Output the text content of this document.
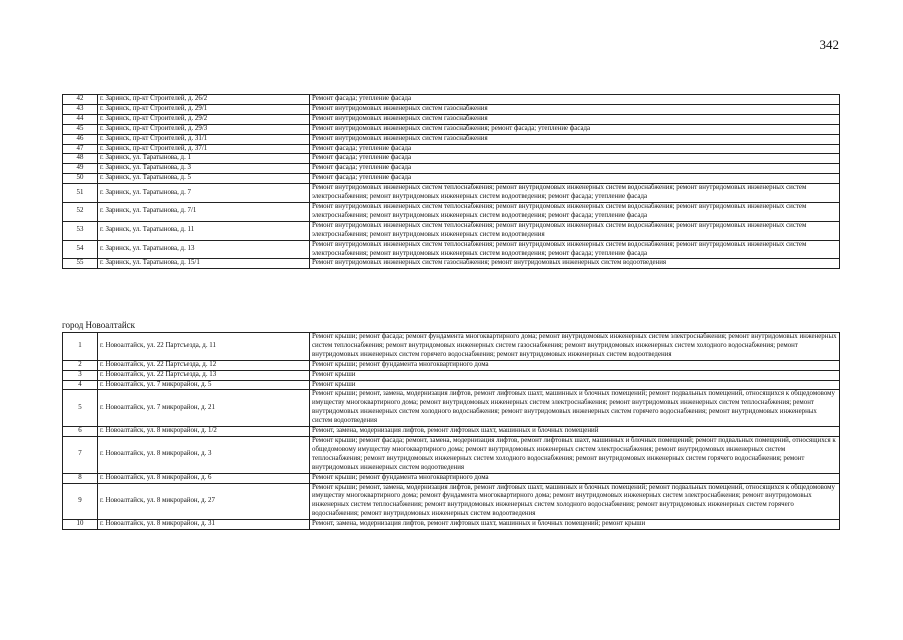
342
42	г. Заринск, пр-кт Строителей, д. 26/2	Ремонт фасада; утепление фасада
43	г. Заринск, пр-кт Строителей, д. 29/1	Ремонт внутридомовых инженерных систем газоснабжения
44	г. Заринск, пр-кт Строителей, д. 29/2	Ремонт внутридомовых инженерных систем газоснабжения
45	г. Заринск, пр-кт Строителей, д. 29/3	Ремонт внутридомовых инженерных систем газоснабжения; ремонт фасада; утепление фасада
46	г. Заринск, пр-кт Строителей, д. 31/1	Ремонт внутридомовых инженерных систем газоснабжения
47	г. Заринск, пр-кт Строителей, д. 37/1	Ремонт фасада; утепление фасада
48	г. Заринск, ул. Таратынова, д. 1	Ремонт фасада; утепление фасада
49	г. Заринск, ул. Таратынова, д. 3	Ремонт фасада; утепление фасада
50	г. Заринск, ул. Таратынова, д. 5	Ремонт фасада; утепление фасада
51	г. Заринск, ул. Таратынова, д. 7	Ремонт внутридомовых инженерных систем теплоснабжения; ремонт внутридомовых инженерных систем водоснабжения; ремонт внутридомовых инженерных систем электроснабжения; ремонт внутридомовых инженерных систем водоотведения; ремонт фасада; утепление фасада
52	г. Заринск, ул. Таратынова, д. 7/1	Ремонт внутридомовых инженерных систем теплоснабжения; ремонт внутридомовых инженерных систем водоснабжения; ремонт внутридомовых инженерных систем электроснабжения; ремонт внутридомовых инженерных систем водоотведения; ремонт фасада; утепление фасада
53	г. Заринск, ул. Таратынова, д. 11	Ремонт внутридомовых инженерных систем теплоснабжения; ремонт внутридомовых инженерных систем водоснабжения; ремонт внутридомовых инженерных систем электроснабжения; ремонт внутридомовых инженерных систем водоотведения
54	г. Заринск, ул. Таратынова, д. 13	Ремонт внутридомовых инженерных систем теплоснабжения; ремонт внутридомовых инженерных систем водоснабжения; ремонт внутридомовых инженерных систем электроснабжения; ремонт внутридомовых инженерных систем водоотведения; ремонт фасада; утепление фасада
55	г. Заринск, ул. Таратынова, д. 15/1	Ремонт внутридомовых инженерных систем газоснабжения; ремонт внутридомовых инженерных систем водоотведения
город Новоалтайск
1	г. Новоалтайск, ул. 22 Партсъезда, д. 11	Ремонт крыши; ремонт фасада; ремонт фундамента многоквартирного дома; ремонт внутридомовых инженерных систем электроснабжения; ремонт внутридомовых инженерных систем теплоснабжения; ремонт внутридомовых инженерных систем газоснабжения; ремонт внутридомовых инженерных систем холодного водоснабжения; ремонт внутридомовых инженерных систем горячего водоснабжения; ремонт внутридомовых инженерных систем водоотведения
2	г. Новоалтайск, ул. 22 Партсъезда, д. 12	Ремонт крыши; ремонт фундамента многоквартирного дома
3	г. Новоалтайск, ул. 22 Партсъезда, д. 13	Ремонт крыши
4	г. Новоалтайск, ул. 7 микрорайон, д. 5	Ремонт крыши
5	г. Новоалтайск, ул. 7 микрорайон, д. 21	Ремонт крыши; ремонт, замена, модернизация лифтов, ремонт лифтовых шахт, машинных и блочных помещений; ремонт подвальных помещений, относящихся к общедомовому имуществу многоквартирного дома; ремонт внутридомовых инженерных систем электроснабжения; ремонт внутридомовых инженерных систем теплоснабжения; ремонт внутридомовых инженерных систем холодного водоснабжения; ремонт внутридомовых инженерных систем горячего водоснабжения; ремонт внутридомовых инженерных систем водоотведения
6	г. Новоалтайск, ул. 8 микрорайон, д. 1/2	Ремонт, замена, модернизация лифтов, ремонт лифтовых шахт, машинных и блочных помещений
7	г. Новоалтайск, ул. 8 микрорайон, д. 3	Ремонт крыши; ремонт фасада; ремонт, замена, модернизация лифтов, ремонт лифтовых шахт, машинных и блочных помещений; ремонт подвальных помещений, относящихся к общедомовому имуществу многоквартирного дома; ремонт внутридомовых инженерных систем электроснабжения; ремонт внутридомовых инженерных систем теплоснабжения; ремонт внутридомовых инженерных систем холодного водоснабжения; ремонт внутридомовых инженерных систем горячего водоснабжения; ремонт внутридомовых инженерных систем водоотведения
8	г. Новоалтайск, ул. 8 микрорайон, д. 6	Ремонт крыши; ремонт фундамента многоквартирного дома
9	г. Новоалтайск, ул. 8 микрорайон, д. 27	Ремонт крыши; ремонт, замена, модернизация лифтов, ремонт лифтовых шахт, машинных и блочных помещений; ремонт подвальных помещений, относящихся к общедомовому имуществу многоквартирного дома; ремонт фундамента многоквартирного дома; ремонт внутридомовых инженерных систем электроснабжения; ремонт внутридомовых инженерных систем теплоснабжения; ремонт внутридомовых инженерных систем холодного водоснабжения; ремонт внутридомовых инженерных систем горячего водоснабжения; ремонт внутридомовых инженерных систем водоотведения
10	г. Новоалтайск, ул. 8 микрорайон, д. 31	Ремонт, замена, модернизация лифтов, ремонт лифтовых шахт, машинных и блочных помещений; ремонт крыши
